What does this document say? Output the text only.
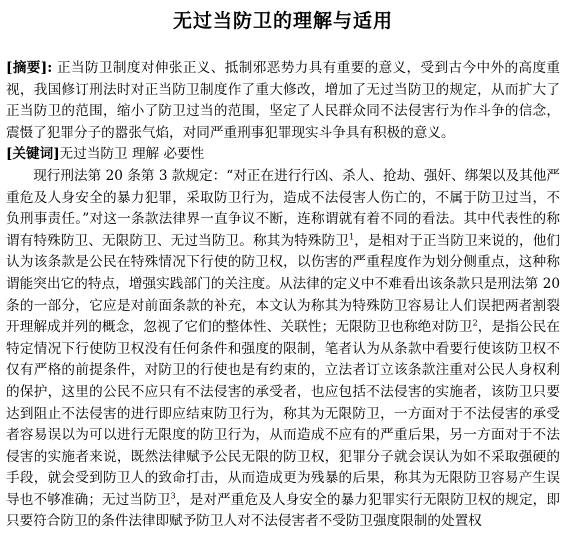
无过当防卫的理解与适用

[摘要]: 正当防卫制度对伸张正义、抵制邪恶势力具有重要的意义，受到古今中外的高度重视，我国修订刑法时对正当防卫制度作了重大修改，增加了无过当防卫的规定，从而扩大了正当防卫的范围，缩小了防卫过当的范围，坚定了人民群众同不法侵害行为作斗争的信念，震慑了犯罪分子的嚣张气焰，对同严重刑事犯罪现实斗争具有积极的意义。

[关键词]无过当防卫 理解 必要性

现行刑法第 20 条第 3 款规定：“对正在进行行凶、杀人、抢劫、强奸、绑架以及其他严重危及人身安全的暴力犯罪，采取防卫行为，造成不法侵害人伤亡的，不属于防卫过当，不负刑事责任。”对这一条款法律界一直争议不断，连称谓就有着不同的看法。其中代表性的称谓有特殊防卫、无限防卫、无过当防卫。称其为特殊防卫$^1$，是相对于正当防卫来说的，他们认为该条款是公民在特殊情况下行使的防卫权，以伤害的严重程度作为划分侧重点，这种称谓能突出它的特点，增强实践部门的关注度。从法律的定义中不难看出该条款只是刑法第 20 条的一部分，它应是对前面条款的补充，本文认为称其为特殊防卫容易让人们误把两者割裂开理解成并列的概念，忽视了它们的整体性、关联性；无限防卫也称绝对防卫$^2$，是指公民在特定情况下行使防卫权没有任何条件和强度的限制，笔者认为从条款中看要行使该防卫权不仅有严格的前提条件，对防卫的行使也是有约束的，立法者订立该条款注重对公民人身权利的保护，这里的公民不应只有不法侵害的承受者，也应包括不法侵害的实施者，该防卫只要达到阻止不法侵害的进行即应结束防卫行为，称其为无限防卫，一方面对于不法侵害的承受者容易误以为可以进行无限度的防卫行为，从而造成不应有的严重后果，另一方面对于不法侵害的实施者来说，既然法律赋予公民无限的防卫权，犯罪分子就会误认为如不采取强硬的手段，就会受到防卫人的致命打击，从而造成更为残暴的后果，称其为无限防卫容易产生误导也不够准确；无过当防卫$^3$，是对严重危及人身安全的暴力犯罪实行无限防卫权的规定，即只要符合防卫的条件法律即赋予防卫人对不法侵害者不受防卫强度限制的处置权
